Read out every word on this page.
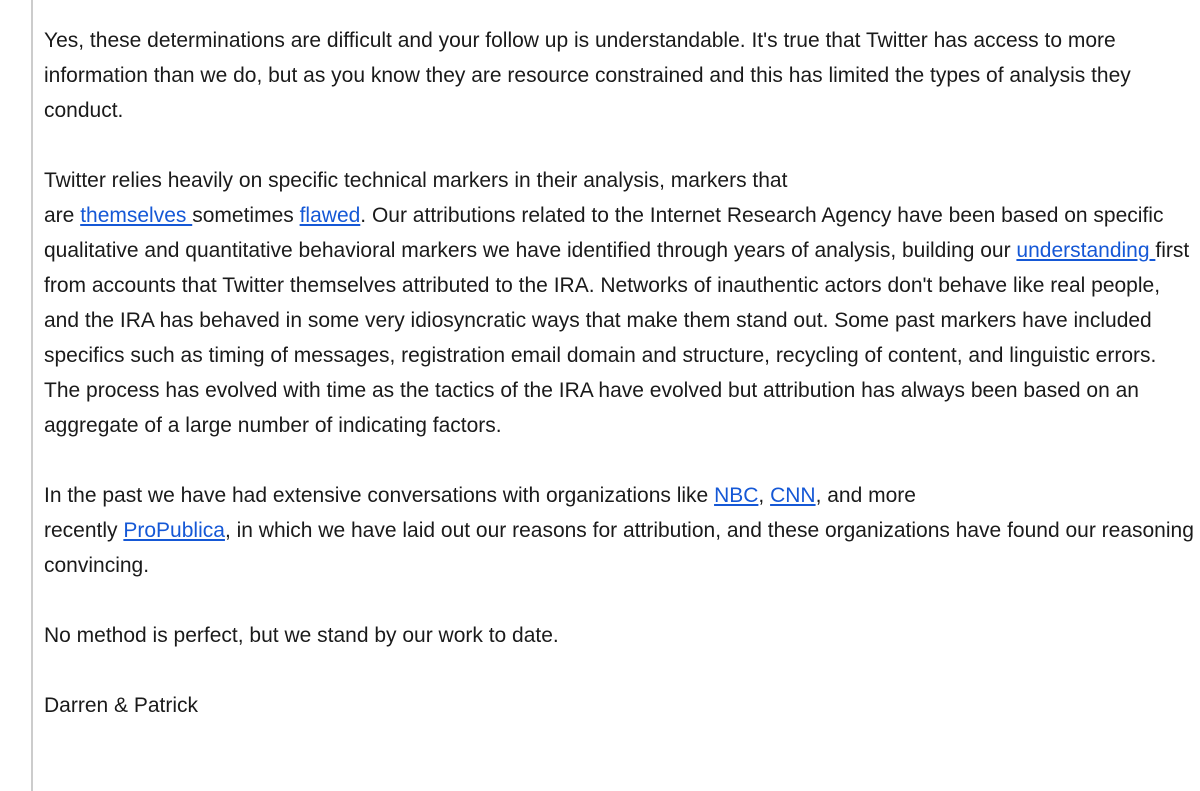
Yes, these determinations are difficult and your follow up is understandable. It's true that Twitter has access to more information than we do, but as you know they are resource constrained and this has limited the types of analysis they conduct.

Twitter relies heavily on specific technical markers in their analysis, markers that
are themselves sometimes flawed. Our attributions related to the Internet Research Agency have been based on specific qualitative and quantitative behavioral markers we have identified through years of analysis, building our understanding first from accounts that Twitter themselves attributed to the IRA. Networks of inauthentic actors don't behave like real people, and the IRA has behaved in some very idiosyncratic ways that make them stand out. Some past markers have included specifics such as timing of messages, registration email domain and structure, recycling of content, and linguistic errors. The process has evolved with time as the tactics of the IRA have evolved but attribution has always been based on an aggregate of a large number of indicating factors.

In the past we have had extensive conversations with organizations like NBC, CNN, and more
recently ProPublica, in which we have laid out our reasons for attribution, and these organizations have found our reasoning convincing.

No method is perfect, but we stand by our work to date.

Darren & Patrick
